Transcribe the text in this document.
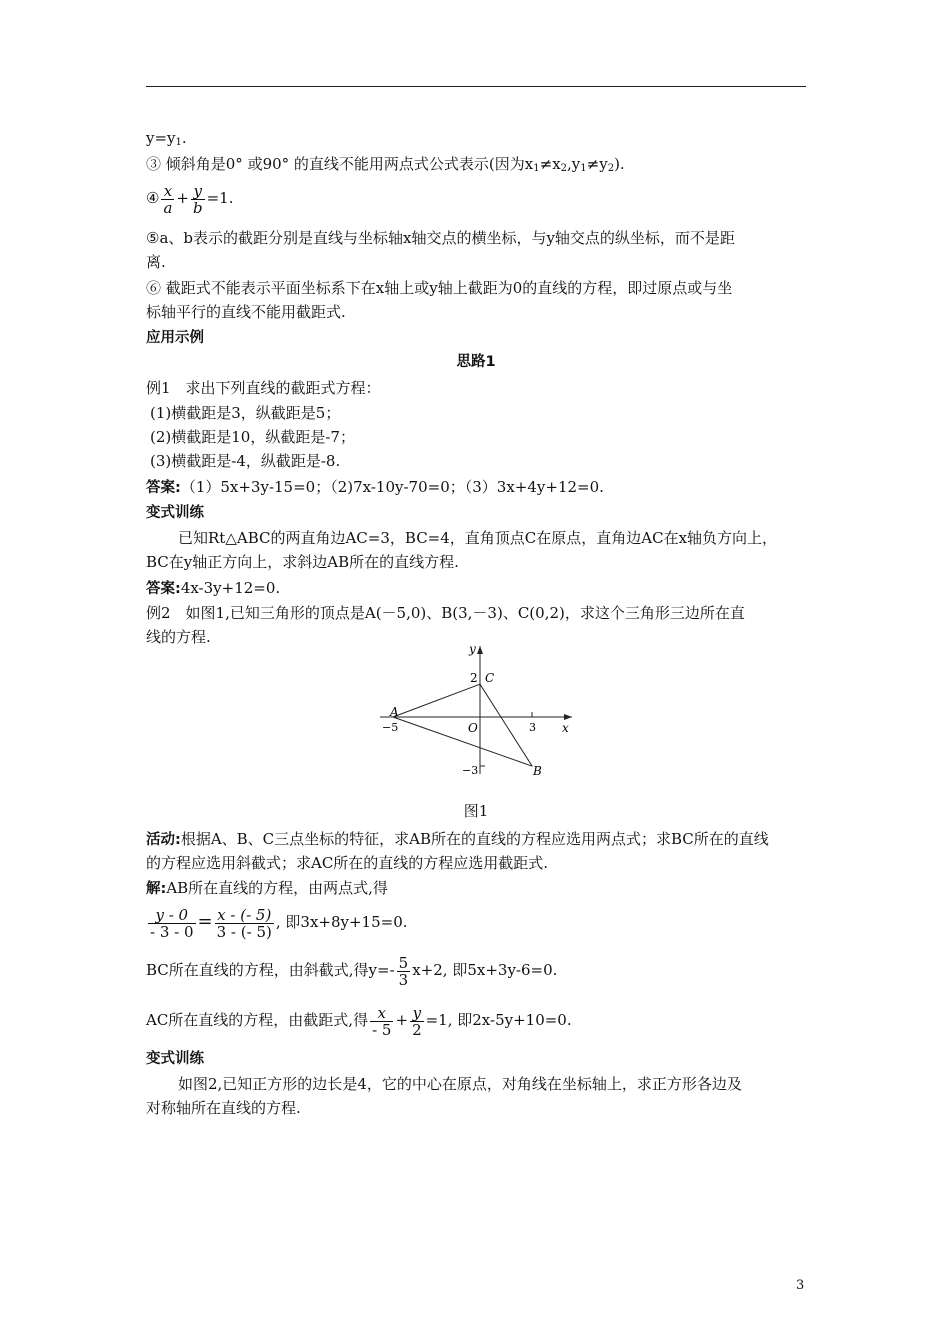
$y=y_1$.
③ 倾斜角是0° 或90° 的直线不能用两点式公式表示(因为$x_1\ne x_2,y_1\ne y_2$).
④ $\frac{x}{a} + \frac{y}{b} =1$.
⑤a、b表示的截距分别是直线与坐标轴x轴交点的横坐标，与y轴交点的纵坐标，而不是距
离.
⑥ 截距式不能表示平面坐标系下在x轴上或y轴上截距为0的直线的方程，即过原点或与坐
标轴平行的直线不能用截距式.
应用示例
思路1
例1　求出下列直线的截距式方程：
(1)横截距是3，纵截距是5；
(2)横截距是10，纵截距是-7；
(3)横截距是-4，纵截距是-8.
答案:（1）5x+3y-15=0；（2)7x-10y-70=0；（3）3x+4y+12=0.
变式训练
已知Rt△ABC的两直角边AC=3，BC=4，直角顶点C在原点，直角边AC在x轴负方向上，
BC在y轴正方向上，求斜边AB所在的直线方程.
答案:4x-3y+12=0.
例2　如图1,已知三角形的顶点是A(－5,0)、B(3,－3)、C(0,2)，求这个三角形三边所在直
线的方程.
y
x
2 C
A
O	3
−5
−3	B
图1
活动:根据A、B、C三点坐标的特征，求AB所在的直线的方程应选用两点式；求BC所在的直线
的方程应选用斜截式；求AC所在的直线的方程应选用截距式.
解:AB所在直线的方程，由两点式,得
$\frac{y - 0}{- 3 - 0} = \frac{x - (- 5)}{3 - (- 5)}$ , 即3x+8y+15=0.
BC所在直线的方程，由斜截式,得$y=- \frac{5}{3} x+2$, 即5x+3y-6=0.
AC所在直线的方程，由截距式,得 $\frac{x}{- 5} + \frac{y}{2} =1$, 即2x-5y+10=0.
变式训练
如图2,已知正方形的边长是4，它的中心在原点，对角线在坐标轴上，求正方形各边及
对称轴所在直线的方程.
3
